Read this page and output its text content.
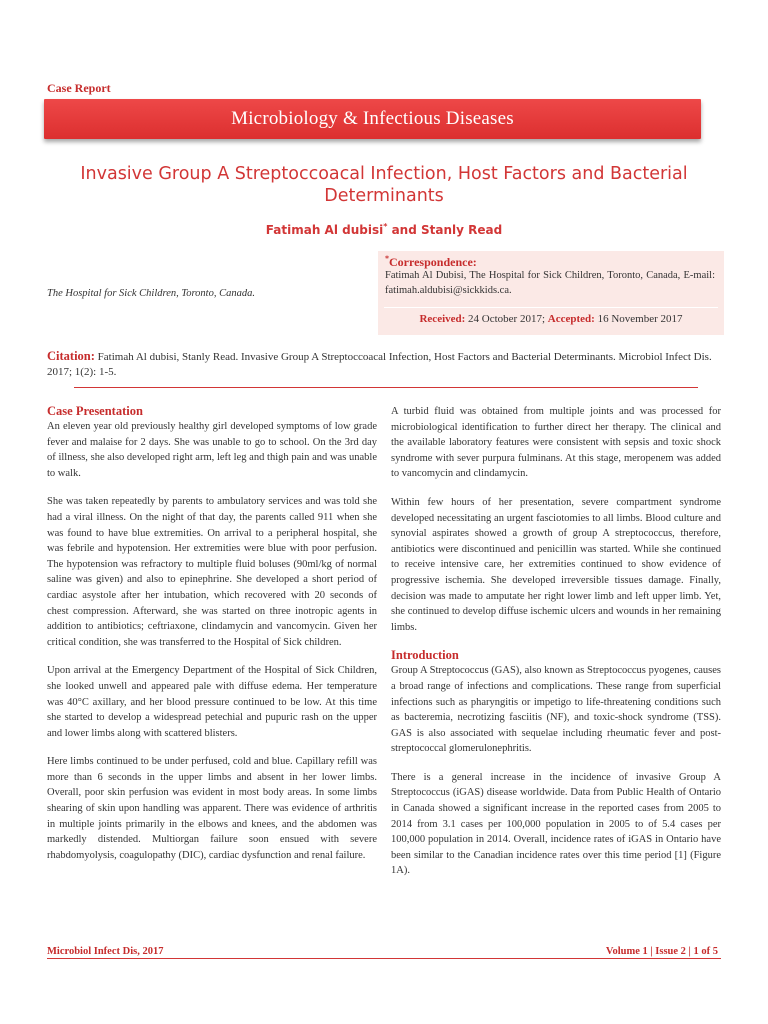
Case Report
Microbiology & Infectious Diseases
Invasive Group A Streptoccoacal Infection, Host Factors and Bacterial Determinants
Fatimah Al dubisi* and Stanly Read
The Hospital for Sick Children, Toronto, Canada.
*Correspondence:
Fatimah Al Dubisi, The Hospital for Sick Children, Toronto, Canada, E-mail: fatimah.aldubisi@sickkids.ca.
Received: 24 October 2017; Accepted: 16 November 2017
Citation: Fatimah Al dubisi, Stanly Read. Invasive Group A Streptoccoacal Infection, Host Factors and Bacterial Determinants. Microbiol Infect Dis. 2017; 1(2): 1-5.
Case Presentation

An eleven year old previously healthy girl developed symptoms of low grade fever and malaise for 2 days. She was unable to go to school. On the 3rd day of illness, she also developed right arm, left leg and thigh pain and was unable to walk.

She was taken repeatedly by parents to ambulatory services and was told she had a viral illness. On the night of that day, the parents called 911 when she was found to have blue extremities. On arrival to a peripheral hospital, she was febrile and hypotension. Her extremities were blue with poor perfusion. The hypotension was refractory to multiple fluid boluses (90ml/kg of normal saline was given) and also to epinephrine. She developed a short period of cardiac asystole after her intubation, which recovered with 20 seconds of chest compression. Afterward, she was started on three inotropic agents in addition to antibiotics; ceftriaxone, clindamycin and vancomycin. Given her critical condition, she was transferred to the Hospital of Sick children.

Upon arrival at the Emergency Department of the Hospital of Sick Children, she looked unwell and appeared pale with diffuse edema. Her temperature was 40°C axillary, and her blood pressure continued to be low. At this time she started to develop a widespread petechial and pupuric rash on the upper and lower limbs along with scattered blisters.

Here limbs continued to be under perfused, cold and blue. Capillary refill was more than 6 seconds in the upper limbs and absent in her lower limbs. Overall, poor skin perfusion was evident in most body areas. In some limbs shearing of skin upon handling was apparent. There was evidence of arthritis in multiple joints primarily in the elbows and knees, and the abdomen was markedly distended. Multiorgan failure soon ensued with severe rhabdomyolysis, coagulopathy (DIC), cardiac dysfunction and renal failure.

A turbid fluid was obtained from multiple joints and was processed for microbiological identification to further direct her therapy. The clinical and the available laboratory features were consistent with sepsis and toxic shock syndrome with sever purpura fulminans. At this stage, meropenem was added to vancomycin and clindamycin.

Within few hours of her presentation, severe compartment syndrome developed necessitating an urgent fasciotomies to all limbs. Blood culture and synovial aspirates showed a growth of group A streptococcus, therefore, antibiotics were discontinued and penicillin was started. While she continued to receive intensive care, her extremities continued to show evidence of progressive ischemia. She developed irreversible tissues damage. Finally, decision was made to amputate her right lower limb and left upper limb. Yet, she continued to develop diffuse ischemic ulcers and wounds in her remaining limbs.

Introduction

Group A Streptococcus (GAS), also known as Streptococcus pyogenes, causes a broad range of infections and complications. These range from superficial infections such as pharyngitis or impetigo to life-threatening conditions such as bacteremia, necrotizing fasciitis (NF), and toxic-shock syndrome (TSS). GAS is also associated with sequelae including rheumatic fever and post-streptococcal glomerulonephritis.

There is a general increase in the incidence of invasive Group A Streptococcus (iGAS) disease worldwide. Data from Public Health of Ontario in Canada showed a significant increase in the reported cases from 2005 to 2014 from 3.1 cases per 100,000 population in 2005 to of 5.4 cases per 100,000 population in 2014. Overall, incidence rates of iGAS in Ontario have been similar to the Canadian incidence rates over this time period [1] (Figure 1A).

Microbiol Infect Dis, 2017	Volume 1 | Issue 2 | 1 of 5
